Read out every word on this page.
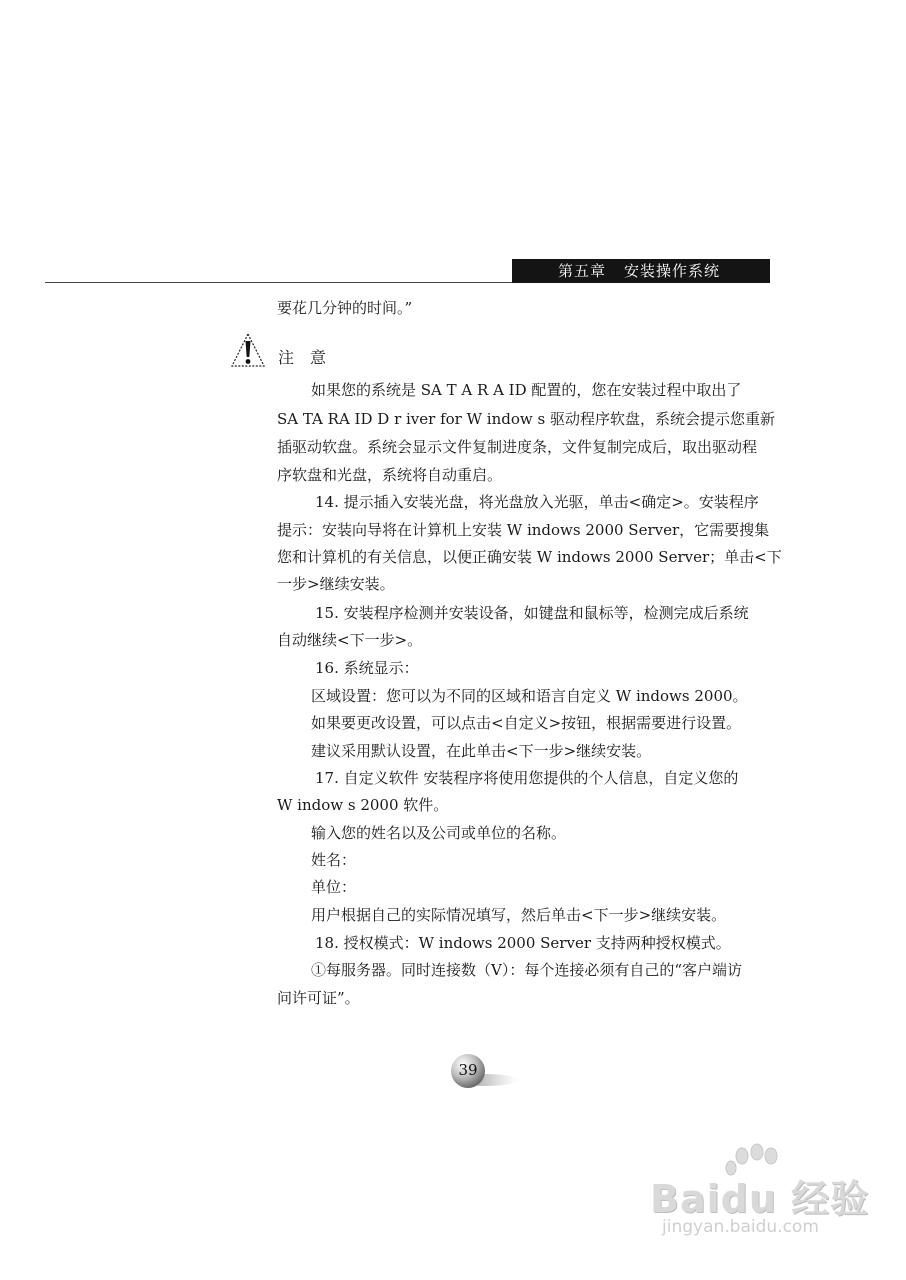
第五章 安装操作系统
要花几分钟的时间。”
注意
如果您的系统是 SA T A R A ID 配置的，您在安装过程中取出了
SA TA RA ID D r iver for W indow s 驱动程序软盘，系统会提示您重新
插驱动软盘。系统会显示文件复制进度条，文件复制完成后，取出驱动程
序软盘和光盘，系统将自动重启。
14. 提示插入安装光盘，将光盘放入光驱，单击<确定>。安装程序
提示：安装向导将在计算机上安装 W indows 2000 Server，它需要搜集
您和计算机的有关信息，以便正确安装 W indows 2000 Server；单击<下
一步>继续安装。
15. 安装程序检测并安装设备，如键盘和鼠标等，检测完成后系统
自动继续<下一步>。
16. 系统显示：
区域设置：您可以为不同的区域和语言自定义 W indows 2000。
如果要更改设置，可以点击<自定义>按钮，根据需要进行设置。
建议采用默认设置，在此单击<下一步>继续安装。
17. 自定义软件 安装程序将使用您提供的个人信息，自定义您的
W indow s 2000 软件。
输入您的姓名以及公司或单位的名称。
姓名：
单位：
用户根据自己的实际情况填写，然后单击<下一步>继续安装。
18. 授权模式：W indows 2000 Server 支持两种授权模式。
①每服务器。同时连接数（V）：每个连接必须有自己的“客户端访
问许可证”。
39
Baidu 经验
jingyan.baidu.com
